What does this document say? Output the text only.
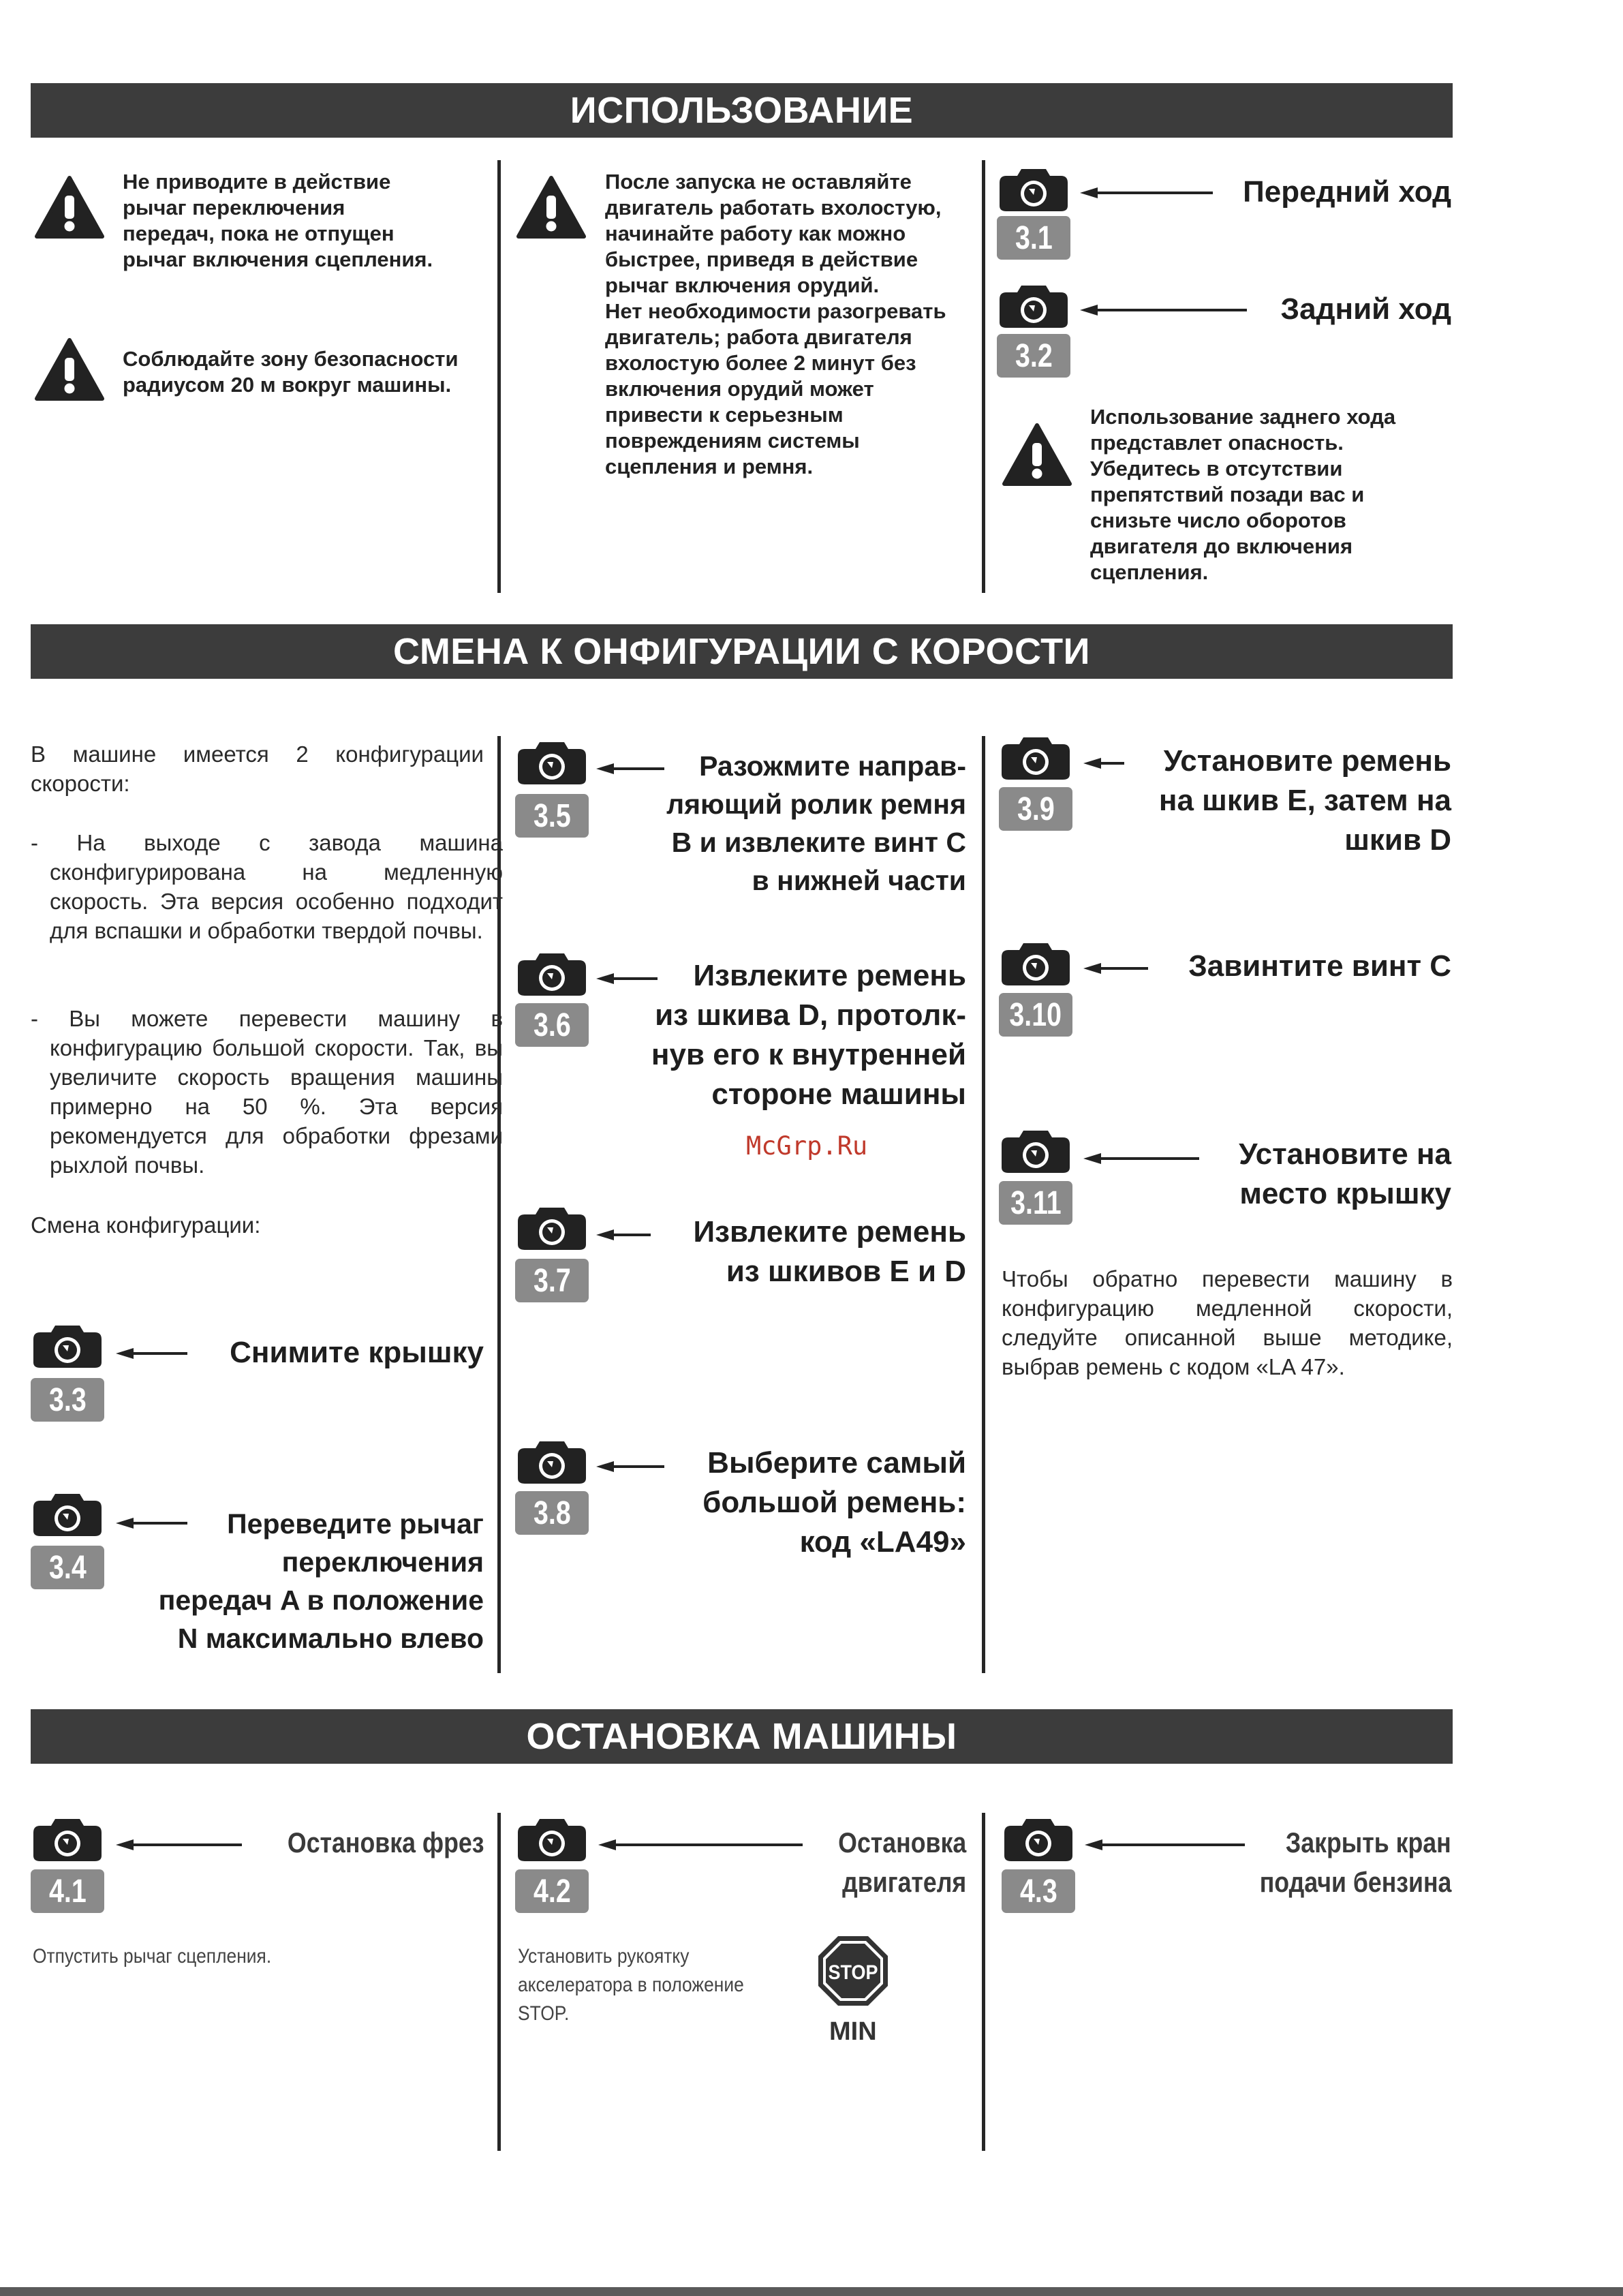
ИСПОЛЬЗОВАНИЕ
СМЕНА К ОНФИГУРАЦИИ С КОРОСТИ
ОСТАНОВКА МАШИНЫ
Не приводите в действие
рычаг переключения
передач, пока не отпущен
рычаг включения сцепления.
Соблюдайте зону безопасности
радиусом 20 м вокруг машины.
После запуска не оставляйте
двигатель работать вхолостую,
начинайте работу как можно
быстрее, приведя в действие
рычаг включения орудий.
Нет необходимости разогревать
двигатель; работа двигателя
вхолостую более 2 минут без
включения орудий может
привести к серьезным
повреждениям системы
сцепления и ремня.
3.1
Передний ход
3.2
Задний ход
Использование заднего хода
представлет опасность.
Убедитесь в отсутствии
препятствий позади вас и
снизьте число оборотов
двигателя до включения
сцепления.
В машине имеется 2 конфигурации скорости:
- На выходе с завода машина сконфигурирована на медленную скорость. Эта версия особенно подходит для вспашки и обработки твердой почвы.
- Вы можете перевести машину в конфигурацию большой скорости. Так, вы увеличите скорость вращения машины примерно на 50 %. Эта версия рекомендуется для обработки фрезами рыхлой почвы.
Смена конфигурации:
3.3
Снимите крышку
3.4
Переведите рычаг
переключения
передач A в положение
N максимально влево
3.5
Разожмите направ-
ляющий ролик ремня
B и извлеките винт C
в нижней части
3.6
Извлеките ремень
из шкива D, протолк-
нув его к внутренней
стороне машины
McGrp.Ru
3.7
Извлеките ремень
из шкивов E и D
3.8
Выберите самый
большой ремень:
код «LA49»
3.9
Установите ремень
на шкив E, затем на
шкив D
3.10
Завинтите винт C
3.11
Установите на
место крышку
Чтобы обратно перевести машину в конфигурацию медленной скорости, следуйте описанной выше методике, выбрав ремень с кодом «LA 47».
4.1
Остановка фрез
Отпустить рычаг сцепления.
4.2
Остановка
двигателя
Установить рукоятку
акселератора в положение
STOP.
STOP
MIN
4.3
Закрыть кран
подачи бензина
